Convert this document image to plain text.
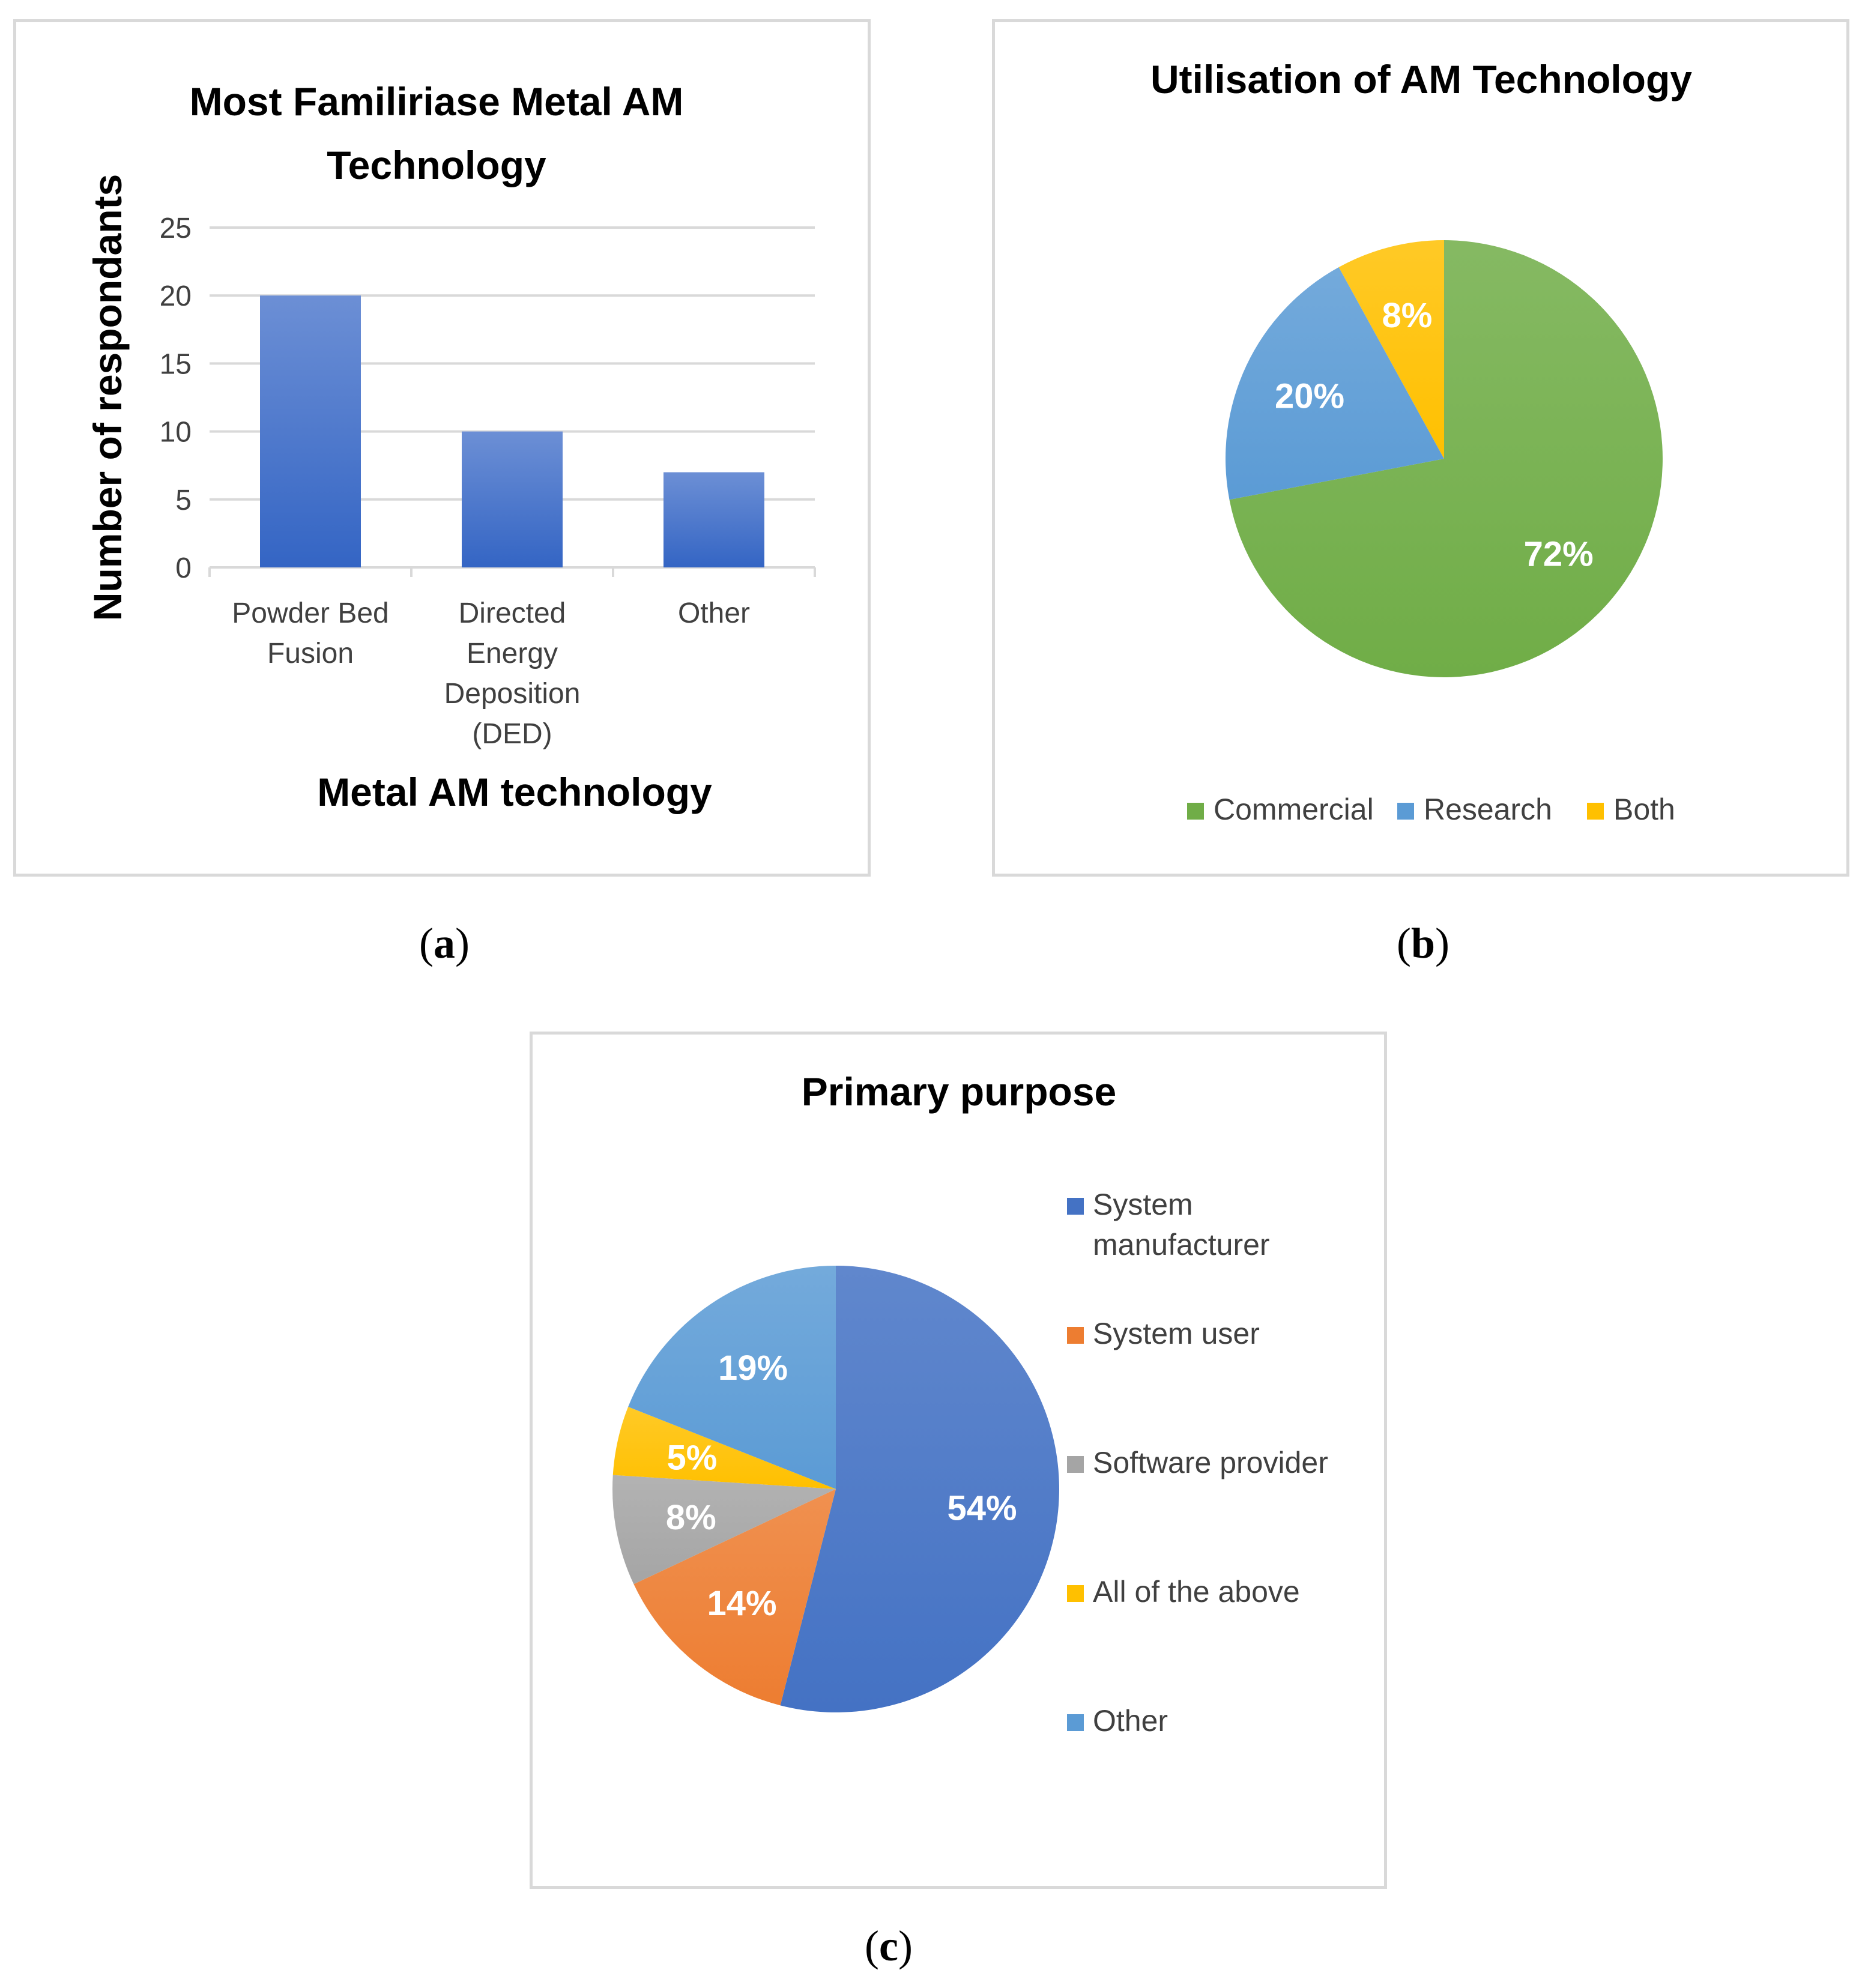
Most Familiriase Metal AM
Technology
0
5
10
15
20
25
Powder Bed
Fusion
Directed
Energy
Deposition
(DED)
Other
Metal AM technology
Number of respondants
Utilisation of AM Technology
72%
20%
8%
Commercial Research Both
Primary purpose
54%
14%
8%
5%
19%
System
manufacturer
System user
Software provider
All of the above
Other
(a)	(b)
(c)
